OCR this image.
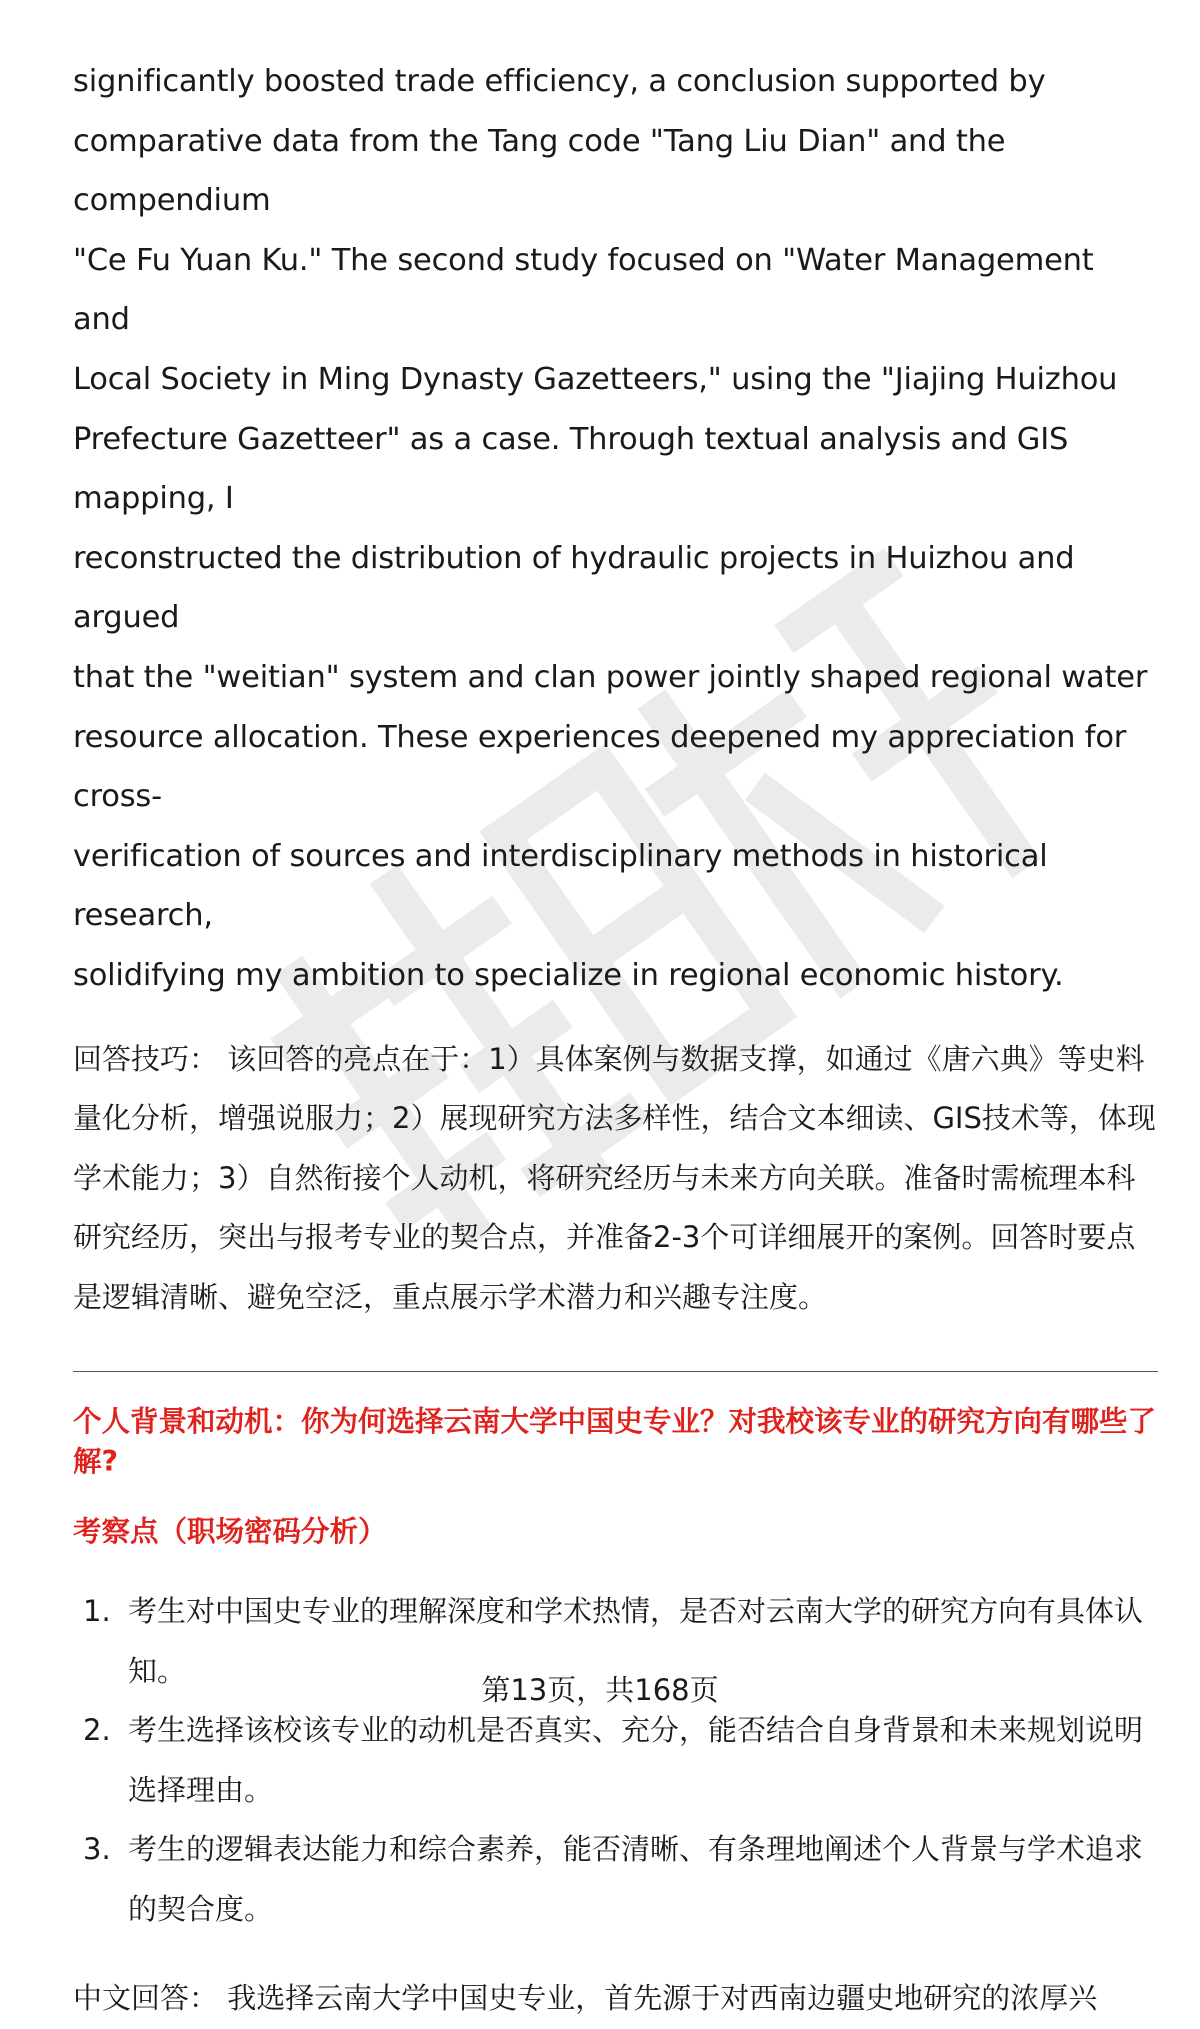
significantly boosted trade efficiency, a conclusion supported by
comparative data from the Tang code "Tang Liu Dian" and the compendium
"Ce Fu Yuan Ku." The second study focused on "Water Management and
Local Society in Ming Dynasty Gazetteers," using the "Jiajing Huizhou
Prefecture Gazetteer" as a case. Through textual analysis and GIS mapping, I
reconstructed the distribution of hydraulic projects in Huizhou and argued
that the "weitian" system and clan power jointly shaped regional water
resource allocation. These experiences deepened my appreciation for cross-
verification of sources and interdisciplinary methods in historical research,
solidifying my ambition to specialize in regional economic history.

回答技巧： 该回答的亮点在于：1）具体案例与数据支撑，如通过《唐六典》等史料量化分析，增强说服力；2）展现研究方法多样性，结合文本细读、GIS技术等，体现学术能力；3）自然衔接个人动机，将研究经历与未来方向关联。准备时需梳理本科研究经历，突出与报考专业的契合点，并准备2-3个可详细展开的案例。回答时要点是逻辑清晰、避免空泛，重点展示学术潜力和兴趣专注度。

个人背景和动机：你为何选择云南大学中国史专业？对我校该专业的研究方向有哪些了解?
考察点（职场密码分析）
1. 考生对中国史专业的理解深度和学术热情，是否对云南大学的研究方向有具体认知。
2. 考生选择该校该专业的动机是否真实、充分，能否结合自身背景和未来规划说明选择理由。
3. 考生的逻辑表达能力和综合素养，能否清晰、有条理地阐述个人背景与学术追求的契合度。

中文回答： 我选择云南大学中国史专业，首先源于对西南边疆史地研究的浓厚兴

第13页，共168页
